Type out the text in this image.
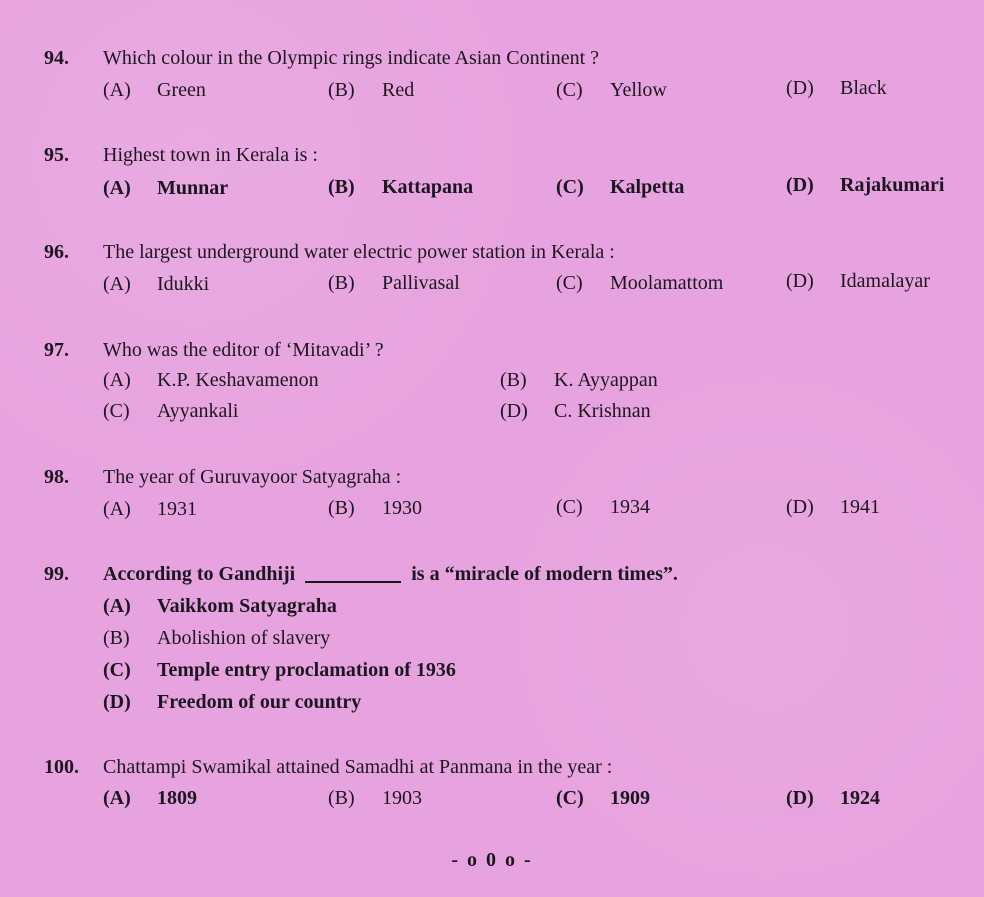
94. Which colour in the Olympic rings indicate Asian Continent ?
(A) Green	(B) Red	(C) Yellow	(D) Black
95. Highest town in Kerala is :
(A) Munnar	(B) Kattapana	(C) Kalpetta	(D) Rajakumari
96. The largest underground water electric power station in Kerala :
(A) Idukki	(B) Pallivasal	(C) Moolamattom	(D) Idamalayar
97. Who was the editor of ‘Mitavadi’ ?
(A) K.P. Keshavamenon	(B) K. Ayyappan
(C) Ayyankali	(D) C. Krishnan
98. The year of Guruvayoor Satyagraha :
(A) 1931	(B) 1930	(C) 1934	(D) 1941
99. According to Gandhiji	is a “miracle of modern times”.
(A) Vaikkom Satyagraha
(B) Abolishion of slavery
(C) Temple entry proclamation of 1936
(D) Freedom of our country
100. Chattampi Swamikal attained Samadhi at Panmana in the year :
(A) 1809	(B) 1903	(C) 1909	(D) 1924
- o 0 o -
